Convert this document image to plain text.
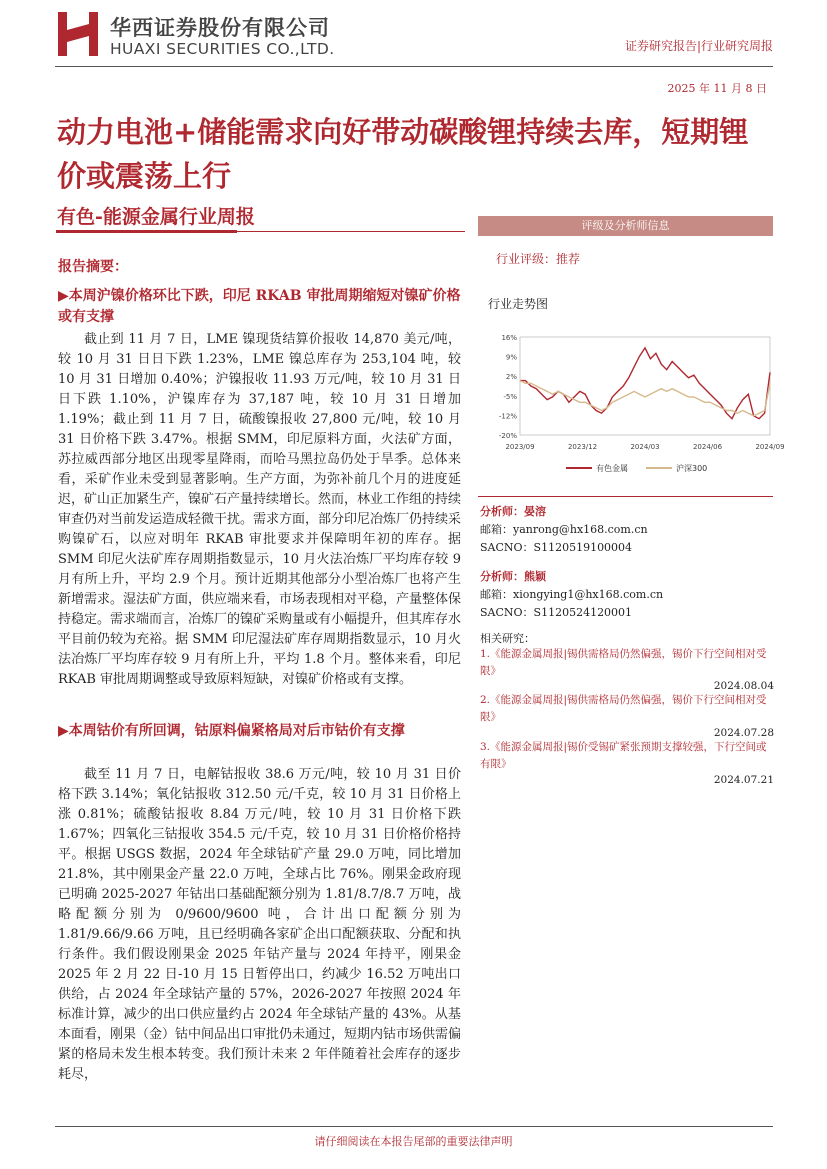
华西证券股份有限公司
HUAXI SECURITIES CO.,LTD.	证券研究报告|行业研究周报
2025 年 11 月 8 日
动力电池+储能需求向好带动碳酸锂持续去库，短期锂价或震荡上行
有色-能源金属行业周报
报告摘要：
▶本周沪镍价格环比下跌，印尼 RKAB 审批周期缩短对镍矿价格或有支撑
截止到 11 月 7 日，LME 镍现货结算价报收 14,870 美元/吨，较 10 月 31 日日下跌 1.23%，LME 镍总库存为 253,104 吨，较 10 月 31 日增加 0.40%；沪镍报收 11.93 万元/吨，较 10 月 31 日日下跌 1.10%，沪镍库存为 37,187 吨，较 10 月 31 日增加 1.19%；截止到 11 月 7 日，硫酸镍报收 27,800 元/吨，较 10 月 31 日价格下跌 3.47%。根据 SMM，印尼原料方面，火法矿方面，苏拉威西部分地区出现零星降雨，而哈马黑拉岛仍处于旱季。总体来看，采矿作业未受到显著影响。生产方面，为弥补前几个月的进度延迟，矿山正加紧生产，镍矿石产量持续增长。然而，林业工作组的持续审查仍对当前发运造成轻微干扰。需求方面，部分印尼冶炼厂仍持续采购镍矿石，以应对明年 RKAB 审批要求并保障明年初的库存。据 SMM 印尼火法矿库存周期指数显示，10 月火法冶炼厂平均库存较 9 月有所上升，平均 2.9 个月。预计近期其他部分小型冶炼厂也将产生新增需求。湿法矿方面，供应端来看，市场表现相对平稳，产量整体保持稳定。需求端而言，冶炼厂的镍矿采购量或有小幅提升，但其库存水平目前仍较为充裕。据 SMM 印尼湿法矿库存周期指数显示，10 月火法冶炼厂平均库存较 9 月有所上升，平均 1.8 个月。整体来看，印尼 RKAB 审批周期调整或导致原料短缺，对镍矿价格或有支撑。
▶本周钴价有所回调，钴原料偏紧格局对后市钴价有支撑
截至 11 月 7 日，电解钴报收 38.6 万元/吨，较 10 月 31 日价格下跌 3.14%；氧化钴报收 312.50 元/千克，较 10 月 31 日价格上涨 0.81%；硫酸钴报收 8.84 万元/吨，较 10 月 31 日价格下跌 1.67%；四氧化三钴报收 354.5 元/千克，较 10 月 31 日价格价格持平。根据 USGS 数据，2024 年全球钴矿产量 29.0 万吨，同比增加 21.8%，其中刚果金产量 22.0 万吨，全球占比 76%。刚果金政府现已明确 2025-2027 年钴出口基础配额分别为 1.81/8.7/8.7 万吨，战略配额分别为 0/9600/9600 吨，合计出口配额分别为 1.81/9.66/9.66 万吨，且已经明确各家矿企出口配额获取、分配和执行条件。我们假设刚果金 2025 年钴产量与 2024 年持平，刚果金 2025 年 2 月 22 日-10 月 15 日暂停出口，约减少 16.52 万吨出口供给，占 2024 年全球钴产量的 57%，2026-2027 年按照 2024 年标准计算，减少的出口供应量约占 2024 年全球钴产量的 43%。从基本面看，刚果（金）钴中间品出口审批仍未通过，短期内钴市场供需偏紧的格局未发生根本转变。我们预计未来 2 年伴随着社会库存的逐步耗尽，
评级及分析师信息
行业评级：推荐
行业走势图
16%
9%
2%
-5%
-12%
-20%
2023/09	2023/12	2024/03	2024/06	2024/09
有色金属	沪深300
分析师：晏溶
邮箱：yanrong@hx168.com.cn
SACNO：S1120519100004
分析师：熊颖
邮箱：xiongying1@hx168.com.cn
SACNO：S1120524120001
相关研究：
1.《能源金属周报|锡供需格局仍然偏强，锡价下行空间相对受限》
2024.08.04
2.《能源金属周报|锡供需格局仍然偏强，锡价下行空间相对受限》
2024.07.28
3.《能源金属周报|锡价受锡矿紧张预期支撑较强，下行空间或有限》
2024.07.21
请仔细阅读在本报告尾部的重要法律声明
